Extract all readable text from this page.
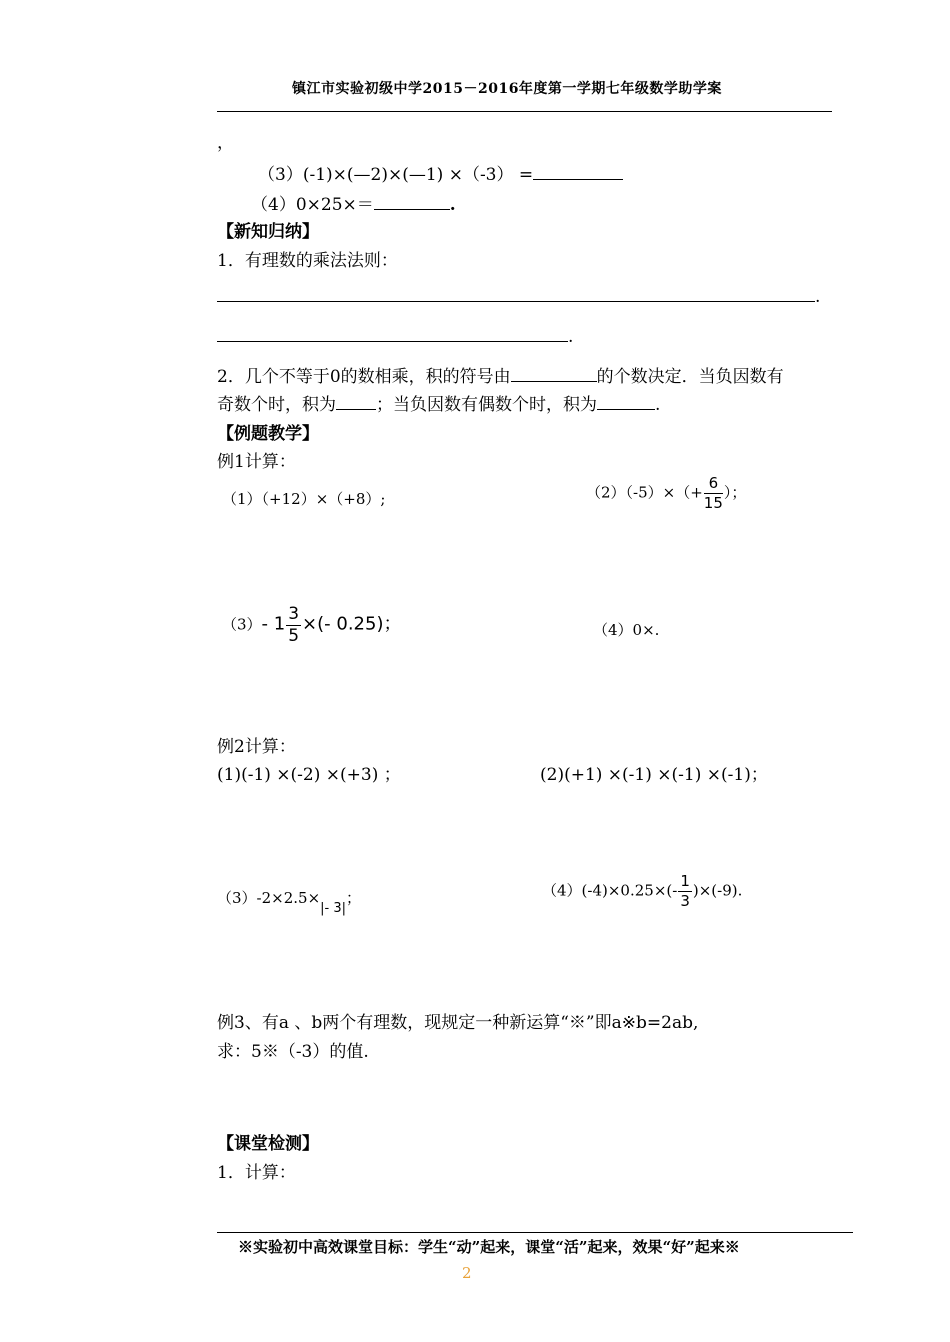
镇江市实验初级中学2015－2016年度第一学期七年级数学助学案
，
（3）(-1)×(—2)×(—1) ×（-3） =
（4）0×25×＝	.
【新知归纳】
1．有理数的乘法法则：
.
.
2．几个不等于0的数相乘，积的符号由	的个数决定．当负因数有
奇数个时，积为 ；当负因数有偶数个时，积为	.
【例题教学】
例1计算：
（1）（+12）×（+8）;	$(2)(-5)\times(+ \frac{6}{15}$ ）；
（3）- $1 \frac{3}{5}$ ×(- 0.25)；	（4）0×.
例2计算：
(1)(-1) ×(-2) ×(+3) ；	(2)(+1) ×(-1) ×(-1) ×(-1)；
（3）-2×2.5×|- 3|；	$(4)(-4)\times 0.25\times(- \frac{1}{3} )\times(-9)$.
例3、有a 、b两个有理数，现规定一种新运算“※”即a※b=2ab,
求：5※（-3）的值.
【课堂检测】
1．计算：
※实验初中高效课堂目标：学生“动”起来，课堂“活”起来，效果“好”起来※
2
